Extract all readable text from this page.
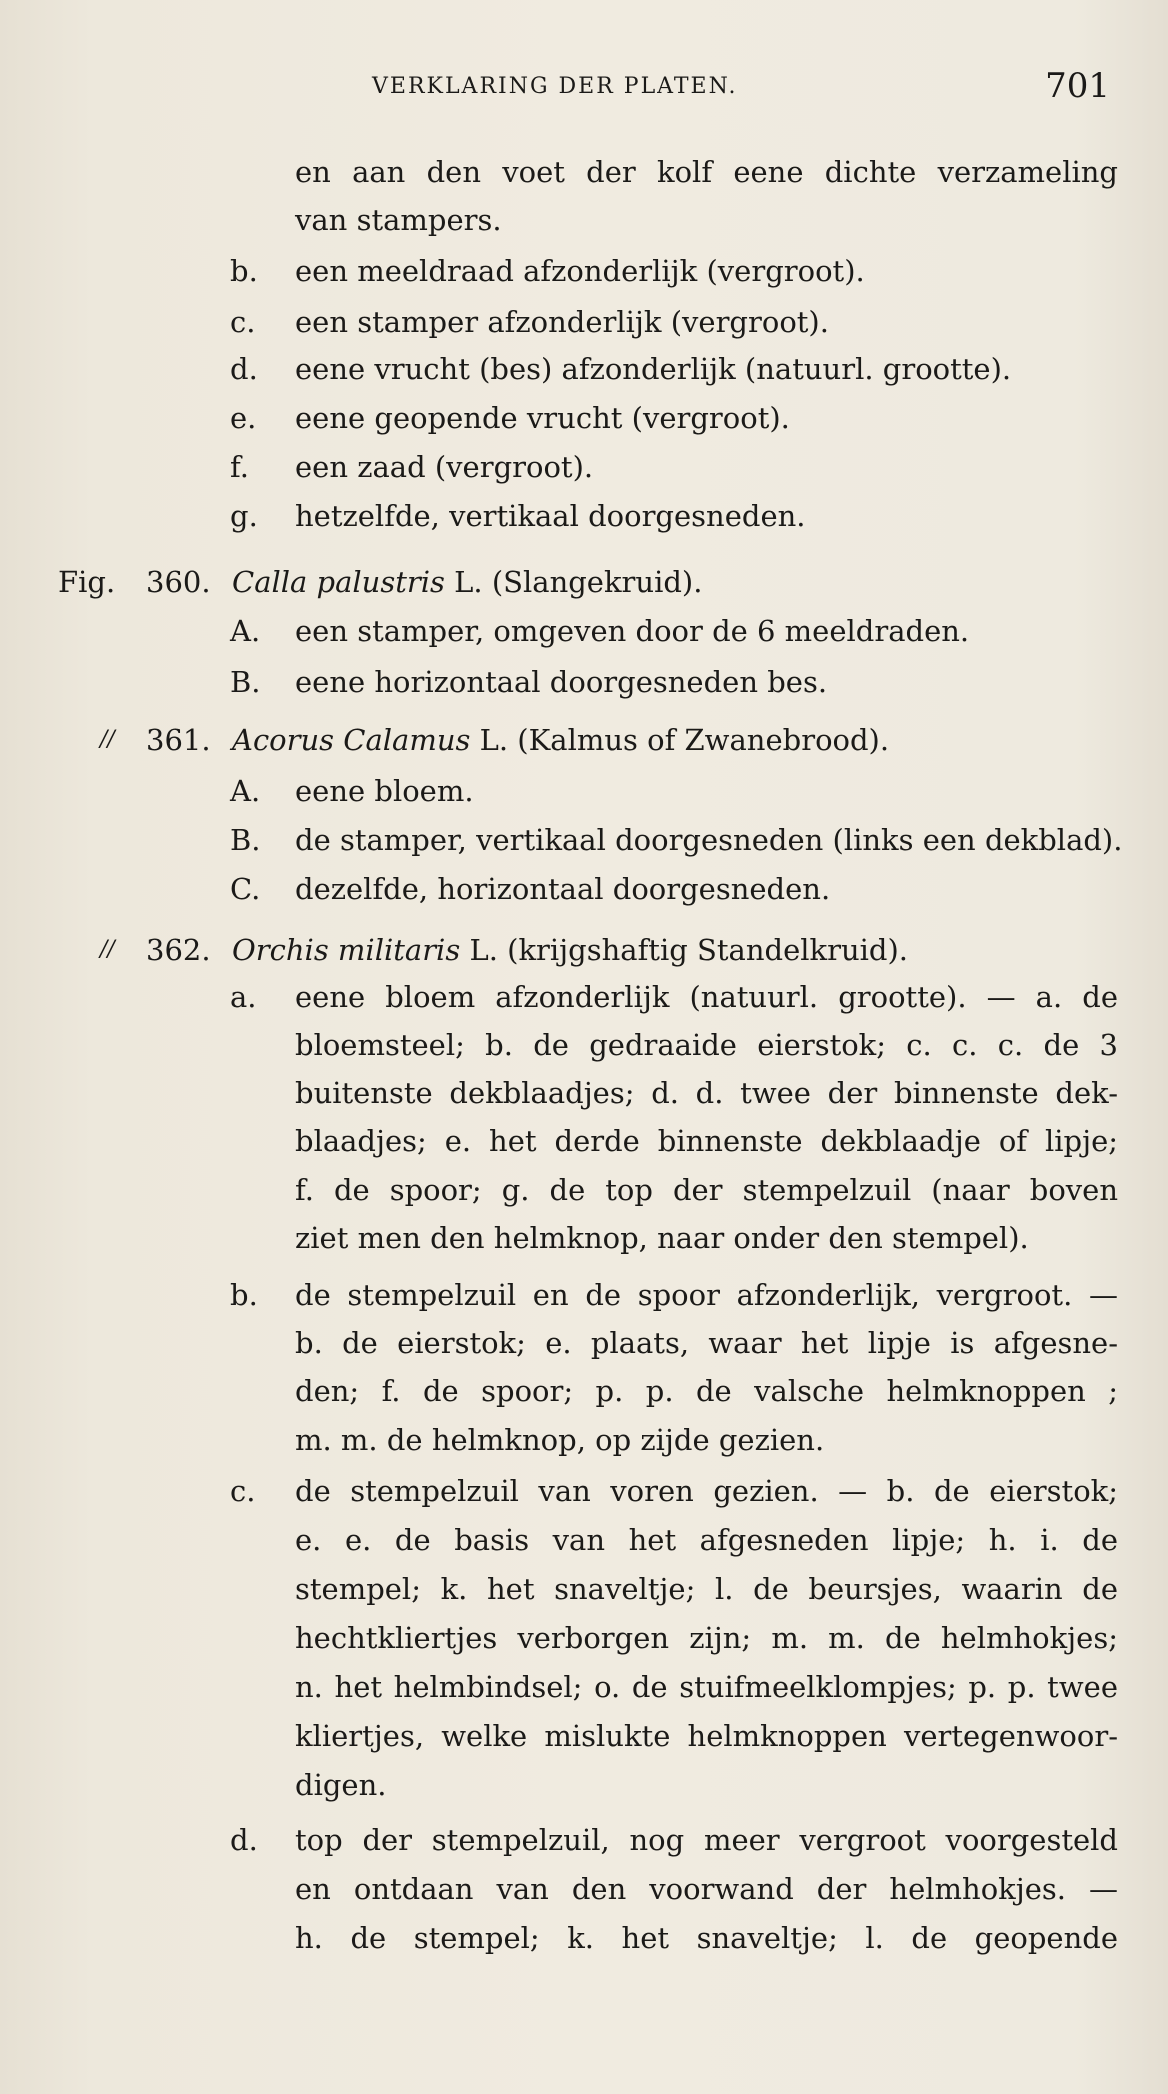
VERKLARING DER PLATEN.	701
en aan den voet der kolf eene dichte verzameling
van stampers.
b.	een meeldraad afzonderlijk (vergroot).
c.	een stamper afzonderlijk (vergroot).
d.	eene vrucht (bes) afzonderlijk (natuurl. grootte).
e.	eene geopende vrucht (vergroot).
f.	een zaad (vergroot).
g.	hetzelfde, vertikaal doorgesneden.
Fig.	360. Calla palustris L. (Slangekruid).
A.	een stamper, omgeven door de 6 meeldraden.
B.	eene horizontaal doorgesneden bes.
//	361. Acorus Calamus L. (Kalmus of Zwanebrood).
A.	eene bloem.
B.	de stamper, vertikaal doorgesneden (links een dekblad).
C.	dezelfde, horizontaal doorgesneden.
//	362. Orchis militaris L. (krijgshaftig Standelkruid).
a.	eene bloem afzonderlijk (natuurl. grootte). — a. de
bloemsteel; b. de gedraaide eierstok; c. c. c. de 3
buitenste dekblaadjes; d. d. twee der binnenste dek-
blaadjes; e. het derde binnenste dekblaadje of lipje;
f. de spoor; g. de top der stempelzuil (naar boven
ziet men den helmknop, naar onder den stempel).
b.	de stempelzuil en de spoor afzonderlijk, vergroot. —
b. de eierstok; e. plaats, waar het lipje is afgesne-
den; f. de spoor; p. p. de valsche helmknoppen ;
m. m. de helmknop, op zijde gezien.
c.	de stempelzuil van voren gezien. — b. de eierstok;
e. e. de basis van het afgesneden lipje; h. i. de
stempel; k. het snaveltje; l. de beursjes, waarin de
hechtkliertjes verborgen zijn; m. m. de helmhokjes;
n. het helmbindsel; o. de stuifmeelklompjes; p. p. twee
kliertjes, welke mislukte helmknoppen vertegenwoor-
digen.
d.	top der stempelzuil, nog meer vergroot voorgesteld
en ontdaan van den voorwand der helmhokjes. —
h. de stempel; k. het snaveltje; l. de geopende
